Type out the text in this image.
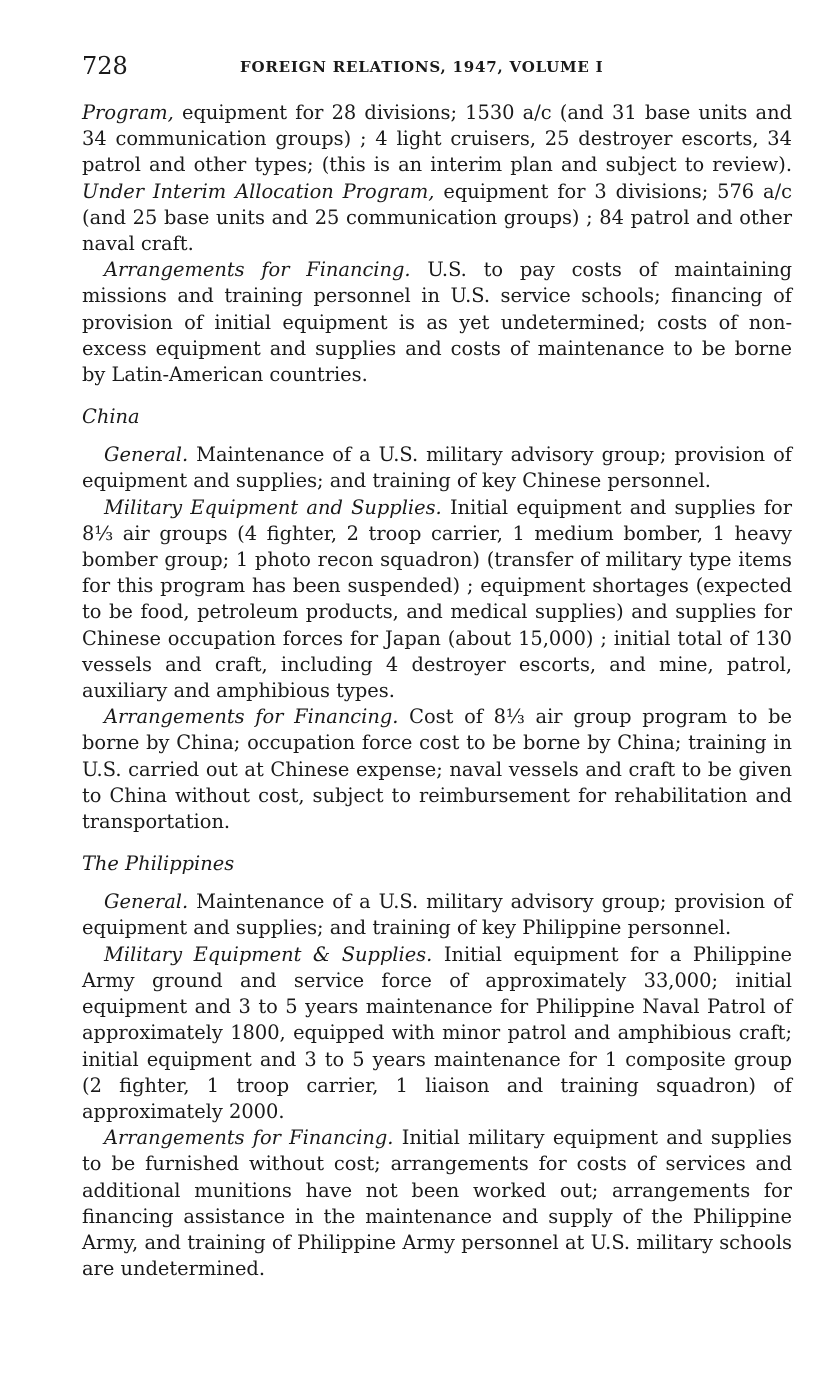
728	FOREIGN RELATIONS, 1947, VOLUME I

Program, equipment for 28 divisions; 1530 a/c (and 31 base units and 34 communication groups) ; 4 light cruisers, 25 destroyer escorts, 34 patrol and other types; (this is an interim plan and subject to review). Under Interim Allocation Program, equipment for 3 divisions; 576 a/c (and 25 base units and 25 communication groups) ; 84 patrol and other naval craft.

Arrangements for Financing. U.S. to pay costs of maintaining missions and training personnel in U.S. service schools; financing of provision of initial equipment is as yet undetermined; costs of non-excess equipment and supplies and costs of maintenance to be borne by Latin-American countries.

China

General. Maintenance of a U.S. military advisory group; provision of equipment and supplies; and training of key Chinese personnel.

Military Equipment and Supplies. Initial equipment and supplies for 8⅓ air groups (4 fighter, 2 troop carrier, 1 medium bomber, 1 heavy bomber group; 1 photo recon squadron) (transfer of military type items for this program has been suspended) ; equipment shortages (expected to be food, petroleum products, and medical supplies) and supplies for Chinese occupation forces for Japan (about 15,000) ; initial total of 130 vessels and craft, including 4 destroyer escorts, and mine, patrol, auxiliary and amphibious types.

Arrangements for Financing. Cost of 8⅓ air group program to be borne by China; occupation force cost to be borne by China; training in U.S. carried out at Chinese expense; naval vessels and craft to be given to China without cost, subject to reimbursement for rehabilitation and transportation.

The Philippines

General. Maintenance of a U.S. military advisory group; provision of equipment and supplies; and training of key Philippine personnel.

Military Equipment & Supplies. Initial equipment for a Philippine Army ground and service force of approximately 33,000; initial equipment and 3 to 5 years maintenance for Philippine Naval Patrol of approximately 1800, equipped with minor patrol and amphibious craft; initial equipment and 3 to 5 years maintenance for 1 composite group (2 fighter, 1 troop carrier, 1 liaison and training squadron) of approximately 2000.

Arrangements for Financing. Initial military equipment and supplies to be furnished without cost; arrangements for costs of services and additional munitions have not been worked out; arrangements for financing assistance in the maintenance and supply of the Philippine Army, and training of Philippine Army personnel at U.S. military schools are undetermined.
